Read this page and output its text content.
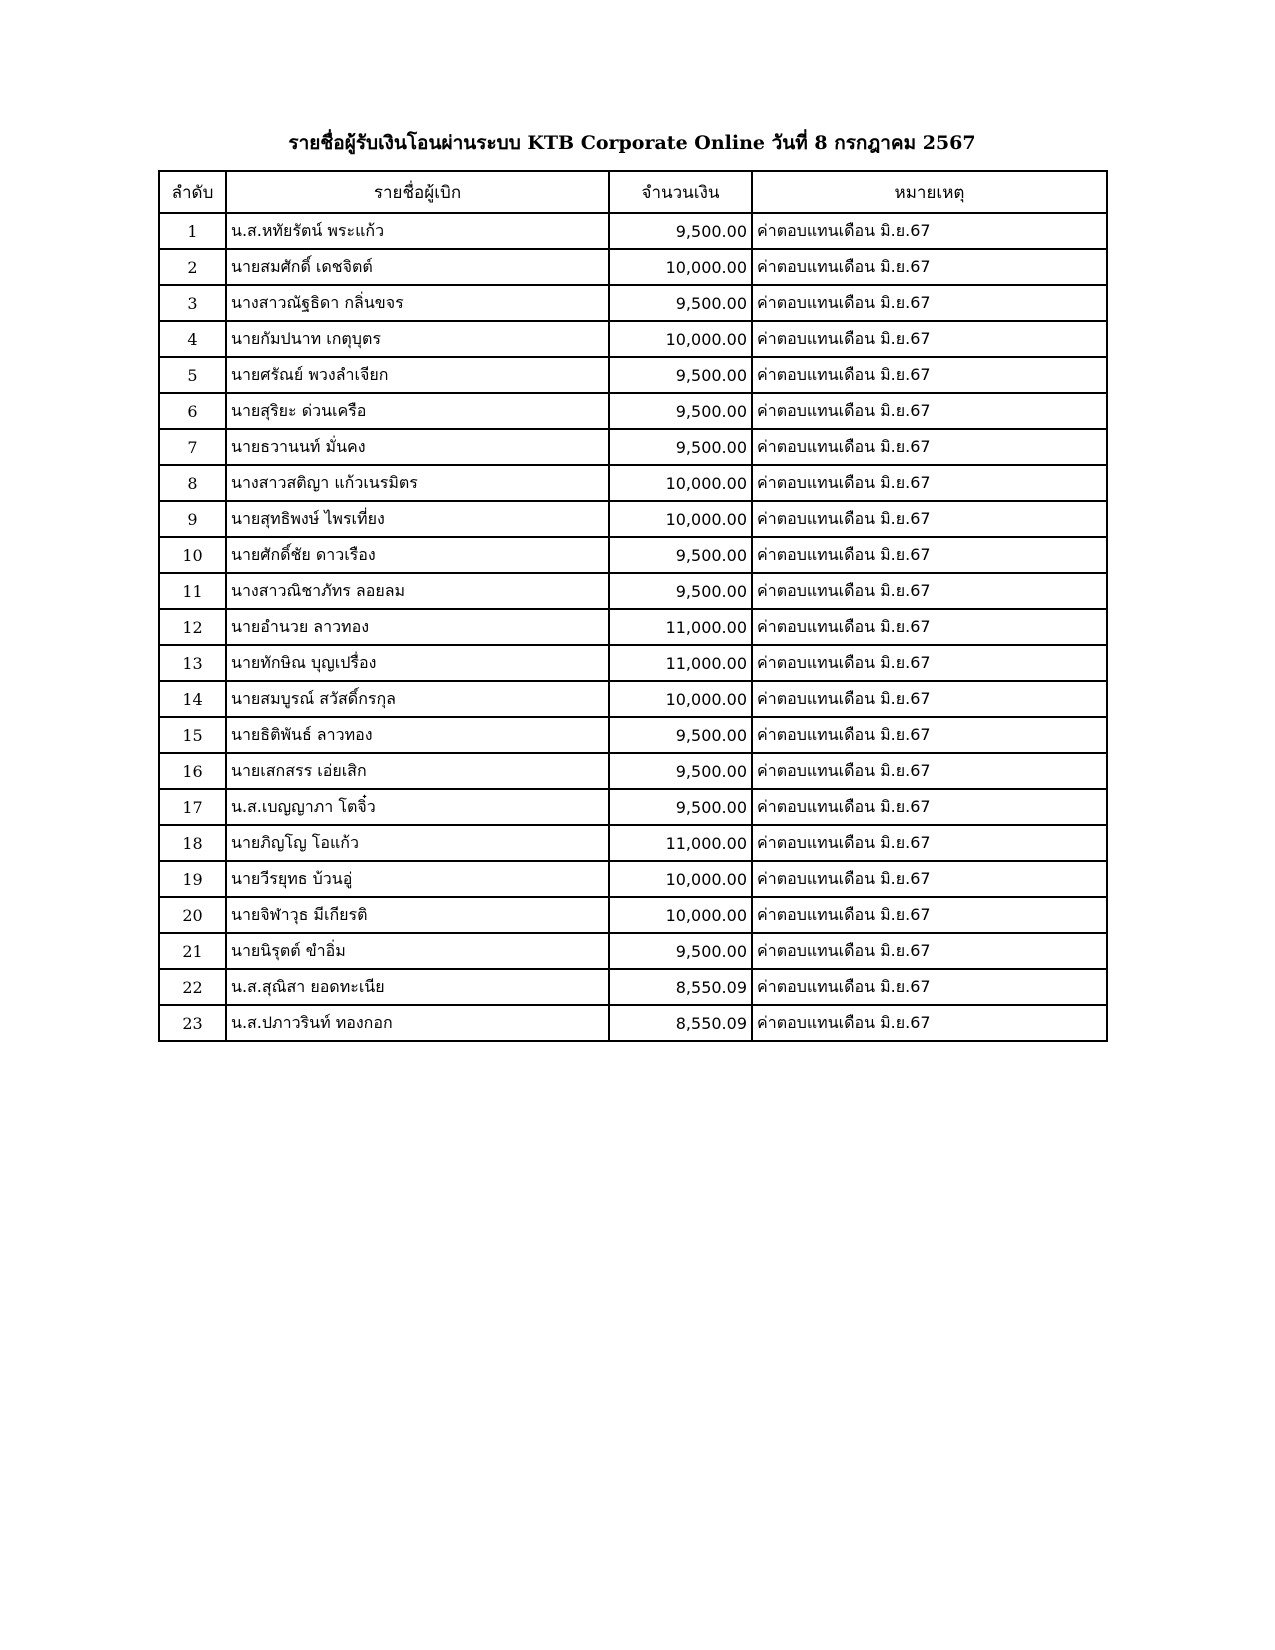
รายชื่อผู้รับเงินโอนผ่านระบบ KTB Corporate Online วันที่ 8 กรกฎาคม 2567
ลำดับ	รายชื่อผู้เบิก	จำนวนเงิน	หมายเหตุ
1	น.ส.หทัยรัตน์ พระแก้ว	9,500.00	ค่าตอบแทนเดือน มิ.ย.67
2	นายสมศักดิ์ เดชจิตต์	10,000.00	ค่าตอบแทนเดือน มิ.ย.67
3	นางสาวณัฐธิดา กลิ่นขจร	9,500.00	ค่าตอบแทนเดือน มิ.ย.67
4	นายกัมปนาท เกตุบุตร	10,000.00	ค่าตอบแทนเดือน มิ.ย.67
5	นายศรัณย์ พวงลำเจียก	9,500.00	ค่าตอบแทนเดือน มิ.ย.67
6	นายสุริยะ ด่วนเครือ	9,500.00	ค่าตอบแทนเดือน มิ.ย.67
7	นายธวานนท์ มั่นคง	9,500.00	ค่าตอบแทนเดือน มิ.ย.67
8	นางสาวสติญา แก้วเนรมิตร	10,000.00	ค่าตอบแทนเดือน มิ.ย.67
9	นายสุทธิพงษ์ ไพรเที่ยง	10,000.00	ค่าตอบแทนเดือน มิ.ย.67
10	นายศักดิ์ชัย ดาวเรือง	9,500.00	ค่าตอบแทนเดือน มิ.ย.67
11	นางสาวณิชาภัทร ลอยลม	9,500.00	ค่าตอบแทนเดือน มิ.ย.67
12	นายอำนวย ลาวทอง	11,000.00	ค่าตอบแทนเดือน มิ.ย.67
13	นายทักษิณ บุญเปรื่อง	11,000.00	ค่าตอบแทนเดือน มิ.ย.67
14	นายสมบูรณ์ สวัสดิ์กรกุล	10,000.00	ค่าตอบแทนเดือน มิ.ย.67
15	นายธิติพันธ์ ลาวทอง	9,500.00	ค่าตอบแทนเดือน มิ.ย.67
16	นายเสกสรร เอ่ยเสิก	9,500.00	ค่าตอบแทนเดือน มิ.ย.67
17	น.ส.เบญญาภา โตจิ๋ว	9,500.00	ค่าตอบแทนเดือน มิ.ย.67
18	นายภิญโญ โอแก้ว	11,000.00	ค่าตอบแทนเดือน มิ.ย.67
19	นายวีรยุทธ บ้วนอู่	10,000.00	ค่าตอบแทนเดือน มิ.ย.67
20	นายจิฬาวุธ มีเกียรติ	10,000.00	ค่าตอบแทนเดือน มิ.ย.67
21	นายนิรุตต์ ขำอิ่ม	9,500.00	ค่าตอบแทนเดือน มิ.ย.67
22	น.ส.สุณิสา ยอดทะเนีย	8,550.09	ค่าตอบแทนเดือน มิ.ย.67
23	น.ส.ปภาวรินท์ ทองกอก	8,550.09	ค่าตอบแทนเดือน มิ.ย.67
